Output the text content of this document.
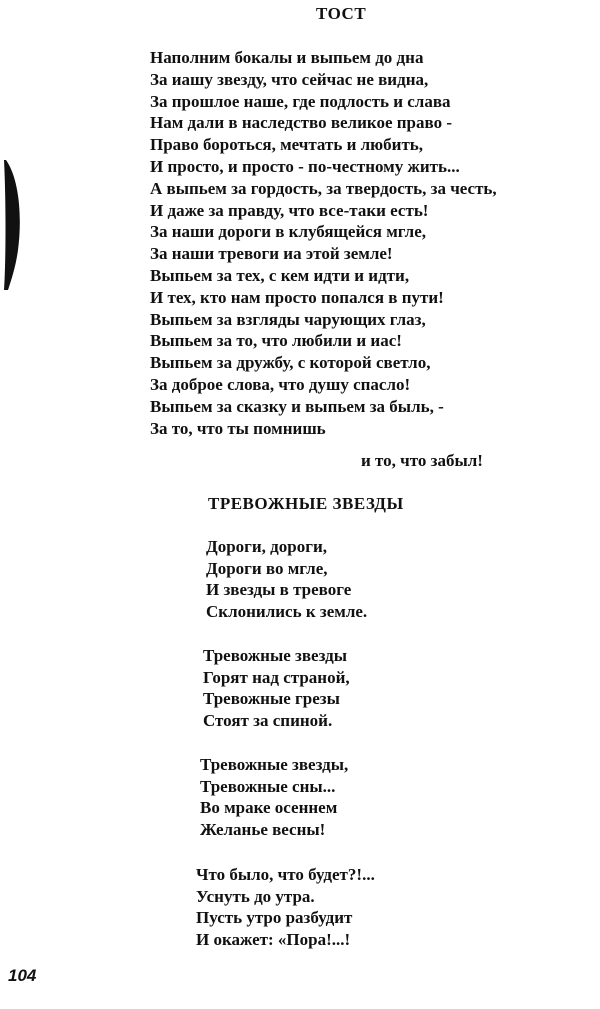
ТОСТ
Наполним бокалы и выпьем до дна
За иашу звезду, что сейчас не видна,
За прошлое наше, где подлость и слава
Нам дали в наследство великое право -
Право бороться, мечтать и любить,
И просто, и просто - по-честному жить...
А выпьем за гордость, за твердость, за честь,
И даже за правду, что все-таки есть!
За наши дороги в клубящейся мгле,
За наши тревоги иа этой земле!
Выпьем за тех, с кем идти и идти,
И тех, кто нам просто попался в пути!
Выпьем за взгляды чарующих глаз,
Выпьем за то, что любили и иас!
Выпьем за дружбу, с которой светло,
За доброе слова, что душу спасло!
Выпьем за сказку и выпьем за быль, -
За то, что ты помнишь
и то, что забыл!
ТРЕВОЖНЫЕ ЗВЕЗДЫ
Дороги, дороги,
Дороги во мгле,
И звезды в тревоге
Склонились к земле.
Тревожные звезды
Горят над страной,
Тревожные грезы
Стоят за спиной.
Тревожные звезды,
Тревожные сны...
Во мраке осеннем
Желанье весны!
Что было, что будет?!...
Уснуть до утра.
Пусть утро разбудит
И окажет: «Пора!...!
104
